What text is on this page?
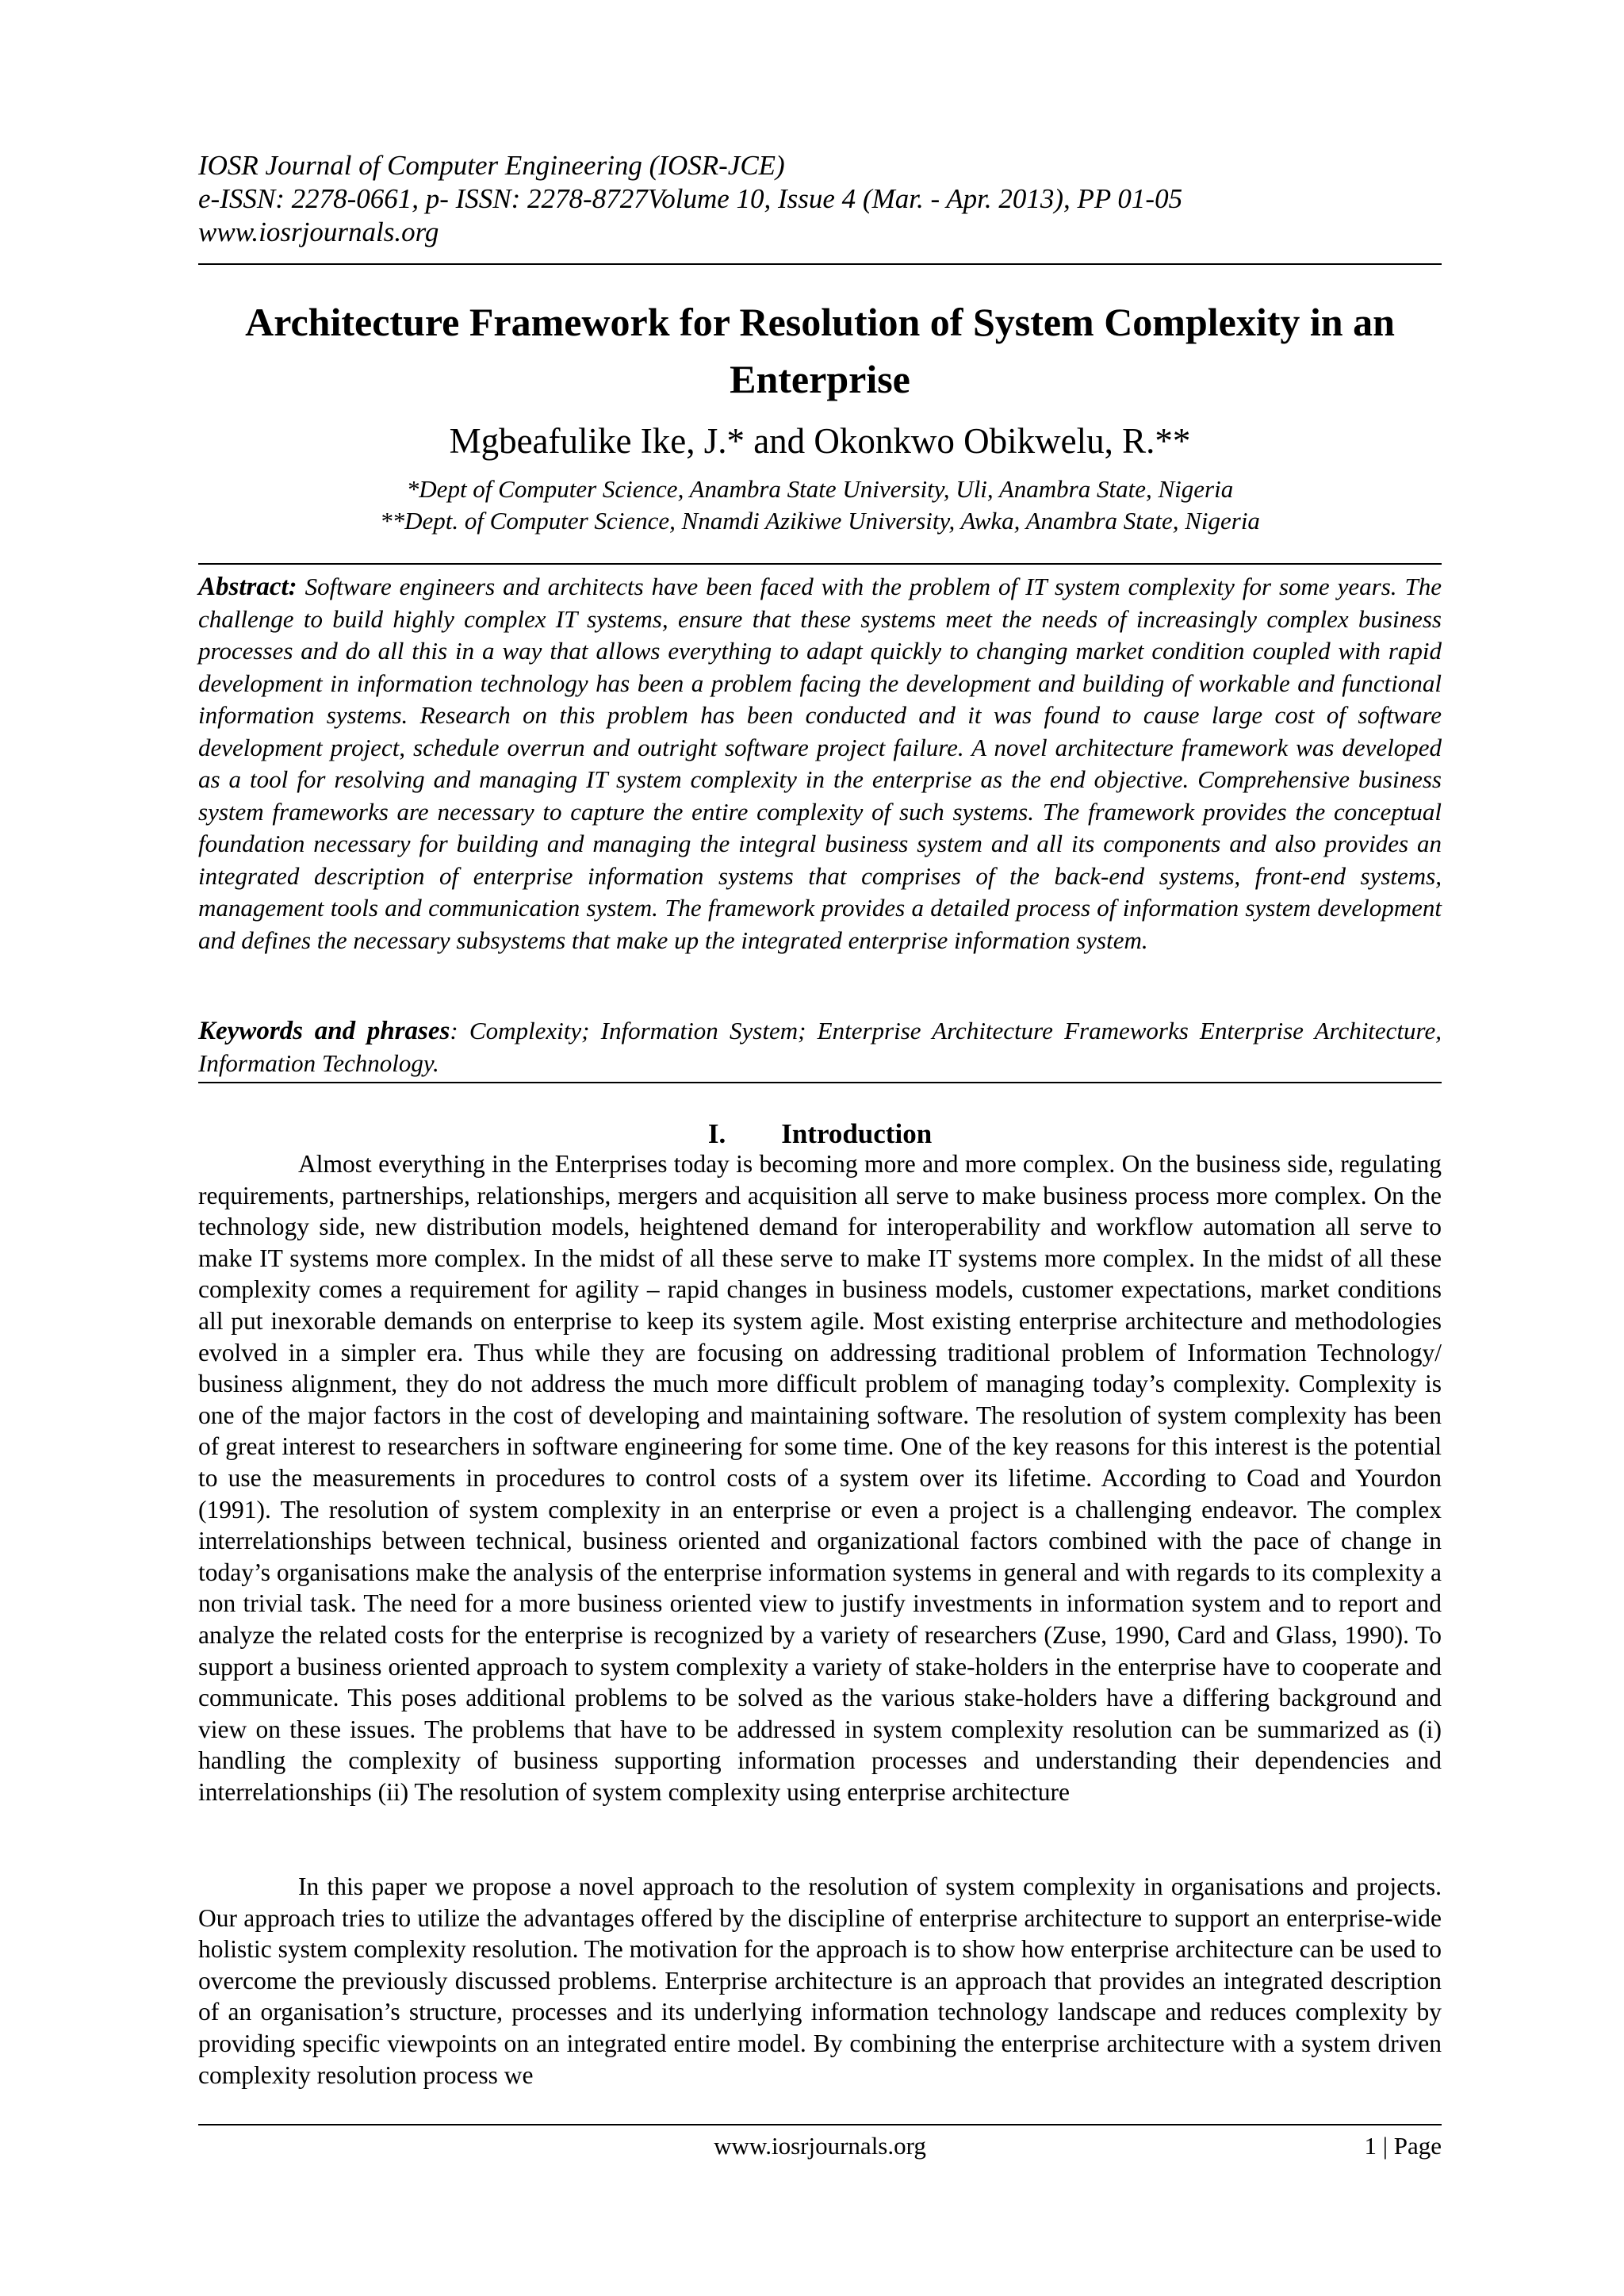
IOSR Journal of Computer Engineering (IOSR-JCE)
e-ISSN: 2278-0661, p- ISSN: 2278-8727Volume 10, Issue 4 (Mar. - Apr. 2013), PP 01-05
www.iosrjournals.org
Architecture Framework for Resolution of System Complexity in an Enterprise
Mgbeafulike Ike, J.* and Okonkwo Obikwelu, R.**
*Dept of Computer Science, Anambra State University, Uli, Anambra State, Nigeria
**Dept. of Computer Science, Nnamdi Azikiwe University, Awka, Anambra State, Nigeria
Abstract: Software engineers and architects have been faced with the problem of IT system complexity for some years. The challenge to build highly complex IT systems, ensure that these systems meet the needs of increasingly complex business processes and do all this in a way that allows everything to adapt quickly to changing market condition coupled with rapid development in information technology has been a problem facing the development and building of workable and functional information systems. Research on this problem has been conducted and it was found to cause large cost of software development project, schedule overrun and outright software project failure. A novel architecture framework was developed as a tool for resolving and managing IT system complexity in the enterprise as the end objective. Comprehensive business system frameworks are necessary to capture the entire complexity of such systems. The framework provides the conceptual foundation necessary for building and managing the integral business system and all its components and also provides an integrated description of enterprise information systems that comprises of the back-end systems, front-end systems, management tools and communication system. The framework provides a detailed process of information system development and defines the necessary subsystems that make up the integrated enterprise information system.
Keywords and phrases: Complexity; Information System; Enterprise Architecture Frameworks Enterprise Architecture, Information Technology.
I. Introduction

Almost everything in the Enterprises today is becoming more and more complex. On the business side, regulating requirements, partnerships, relationships, mergers and acquisition all serve to make business process more complex. On the technology side, new distribution models, heightened demand for interoperability and workflow automation all serve to make IT systems more complex. In the midst of all these serve to make IT systems more complex. In the midst of all these complexity comes a requirement for agility – rapid changes in business models, customer expectations, market conditions all put inexorable demands on enterprise to keep its system agile. Most existing enterprise architecture and methodologies evolved in a simpler era. Thus while they are focusing on addressing traditional problem of Information Technology/ business alignment, they do not address the much more difficult problem of managing today’s complexity. Complexity is one of the major factors in the cost of developing and maintaining software. The resolution of system complexity has been of great interest to researchers in software engineering for some time. One of the key reasons for this interest is the potential to use the measurements in procedures to control costs of a system over its lifetime. According to Coad and Yourdon (1991). The resolution of system complexity in an enterprise or even a project is a challenging endeavor. The complex interrelationships between technical, business oriented and organizational factors combined with the pace of change in today’s organisations make the analysis of the enterprise information systems in general and with regards to its complexity a non trivial task. The need for a more business oriented view to justify investments in information system and to report and analyze the related costs for the enterprise is recognized by a variety of researchers (Zuse, 1990, Card and Glass, 1990). To support a business oriented approach to system complexity a variety of stake-holders in the enterprise have to cooperate and communicate. This poses additional problems to be solved as the various stake-holders have a differing background and view on these issues. The problems that have to be addressed in system complexity resolution can be summarized as (i) handling the complexity of business supporting information processes and understanding their dependencies and interrelationships (ii) The resolution of system complexity using enterprise architecture

In this paper we propose a novel approach to the resolution of system complexity in organisations and projects. Our approach tries to utilize the advantages offered by the discipline of enterprise architecture to support an enterprise-wide holistic system complexity resolution. The motivation for the approach is to show how enterprise architecture can be used to overcome the previously discussed problems. Enterprise architecture is an approach that provides an integrated description of an organisation’s structure, processes and its underlying information technology landscape and reduces complexity by providing specific viewpoints on an integrated entire model. By combining the enterprise architecture with a system driven complexity resolution process we

www.iosrjournals.org	1 | Page
